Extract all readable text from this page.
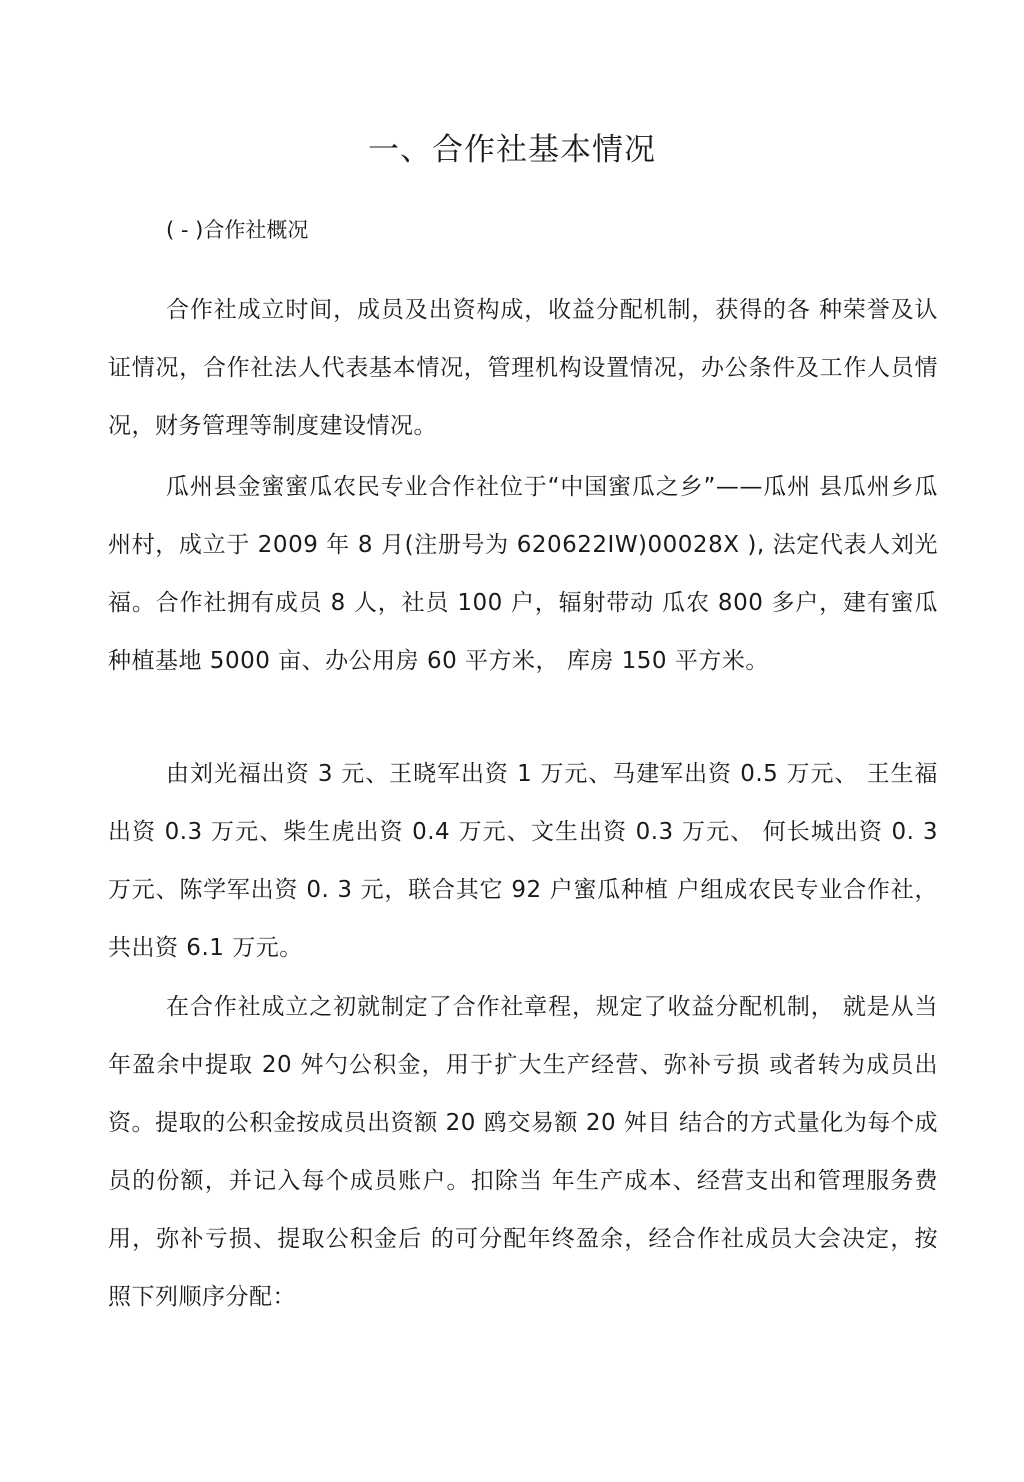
一、合作社基本情况
( - )合作社概况

合作社成立时间，成员及出资构成，收益分配机制，获得的各 种荣誉及认证情况，合作社法人代表基本情况，管理机构设置情况，办公条件及工作人员情况，财务管理等制度建设情况。

瓜州县金蜜蜜瓜农民专业合作社位于“中国蜜瓜之乡”——瓜州 县瓜州乡瓜州村，成立于 2009 年 8 月(注册号为 620622IW)00028X ), 法定代表人刘光福。合作社拥有成员 8 人，社员 100 户，辐射带动 瓜农 800 多户，建有蜜瓜种植基地 5000 亩、办公用房 60 平方米， 库房 150 平方米。

由刘光福出资 3 元、王晓军出资 1 万元、马建军出资 0.5 万元、 王生福出资 0.3 万元、柴生虎出资 0.4 万元、文生出资 0.3 万元、 何长城出资 0. 3 万元、陈学军出资 0. 3 元，联合其它 92 户蜜瓜种植 户组成农民专业合作社，共出资 6.1 万元。

在合作社成立之初就制定了合作社章程，规定了收益分配机制， 就是从当年盈余中提取 20 舛勺公积金，用于扩大生产经营、弥补亏损 或者转为成员出资。提取的公积金按成员出资额 20 鸥交易额 20 舛目 结合的方式量化为每个成员的份额，并记入每个成员账户。扣除当 年生产成本、经营支出和管理服务费用，弥补亏损、提取公积金后 的可分配年终盈余，经合作社成员大会决定，按照下列顺序分配：
